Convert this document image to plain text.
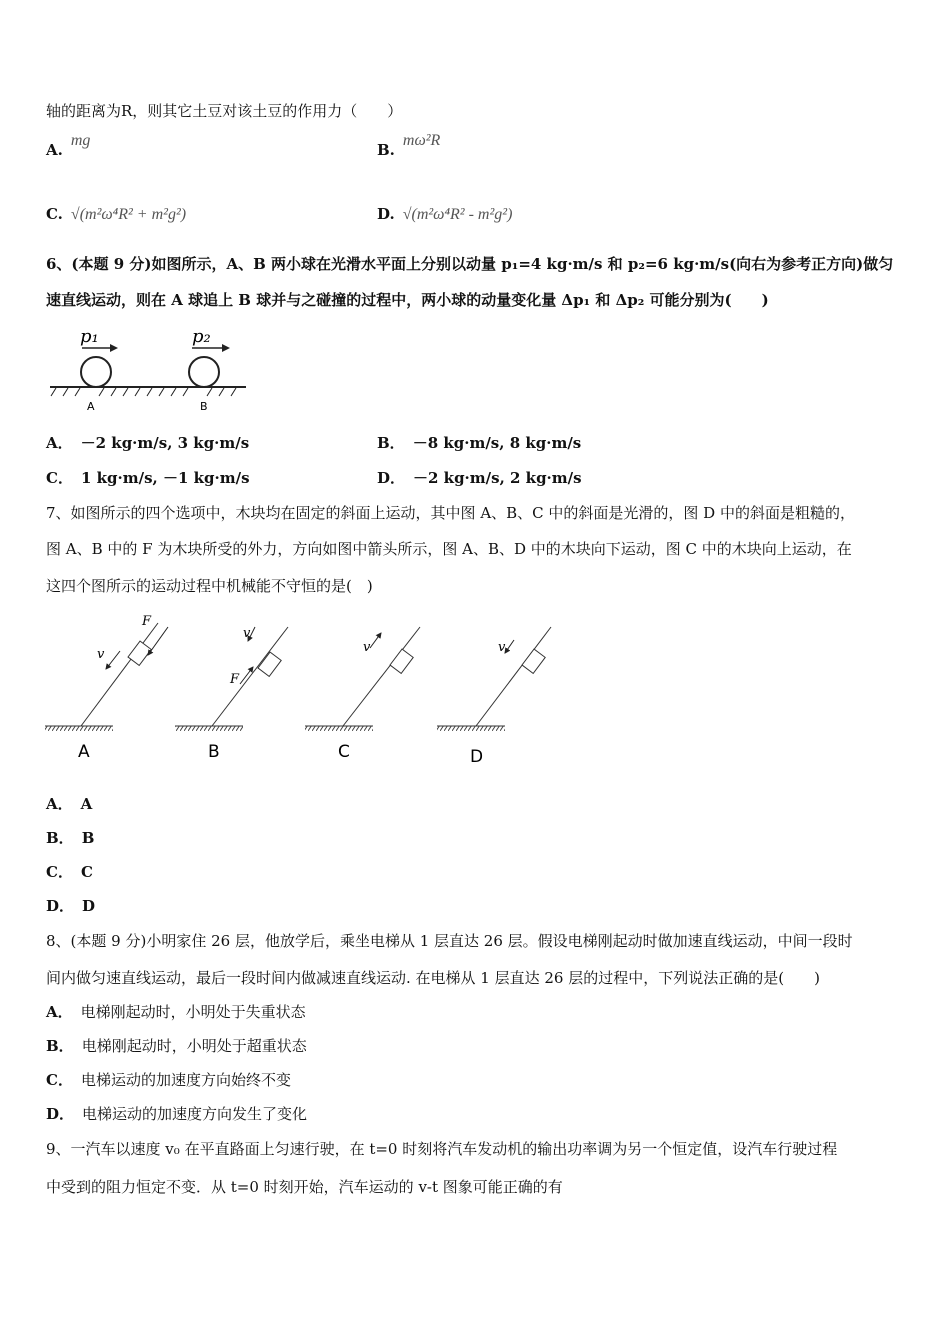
轴的距离为R，则其它土豆对该土豆的作用力（　　）
A.mg
B.mω²R
C. √(m²ω⁴R² + m²g²)	D. √(m²ω⁴R² - m²g²)
6、(本题 9 分)如图所示，A、B 两小球在光滑水平面上分别以动量 p₁=4 kg·m/s 和 p₂=6 kg·m/s(向右为参考正方向)做匀
速直线运动，则在 A 球追上 B 球并与之碰撞的过程中，两小球的动量变化量 Δp₁ 和 Δp₂ 可能分别为(　　)
p₁	p₂
A	B
A． －2 kg·m/s, 3 kg·m/s	B． －8 kg·m/s, 8 kg·m/s
C． 1 kg·m/s, －1 kg·m/s	D． －2 kg·m/s, 2 kg·m/s
7、如图所示的四个选项中，木块均在固定的斜面上运动，其中图 A、B、C 中的斜面是光滑的，图 D 中的斜面是粗糙的，
图 A、B 中的 F 为木块所受的外力，方向如图中箭头所示，图 A、B、D 中的木块向下运动，图 C 中的木块向上运动，在
这四个图所示的运动过程中机械能不守恒的是(　)
F
v
A
v
F
B
v
C
v
D
A． A
B． B
C． C
D． D
8、(本题 9 分)小明家住 26 层，他放学后，乘坐电梯从 1 层直达 26 层。假设电梯刚起动时做加速直线运动，中间一段时
间内做匀速直线运动，最后一段时间内做减速直线运动. 在电梯从 1 层直达 26 层的过程中，下列说法正确的是(　　)
A． 电梯刚起动时，小明处于失重状态
B． 电梯刚起动时，小明处于超重状态
C． 电梯运动的加速度方向始终不变
D． 电梯运动的加速度方向发生了变化
9、一汽车以速度 v₀ 在平直路面上匀速行驶，在 t=0 时刻将汽车发动机的输出功率调为另一个恒定值，设汽车行驶过程
中受到的阻力恒定不变．从 t=0 时刻开始，汽车运动的 v-t 图象可能正确的有
